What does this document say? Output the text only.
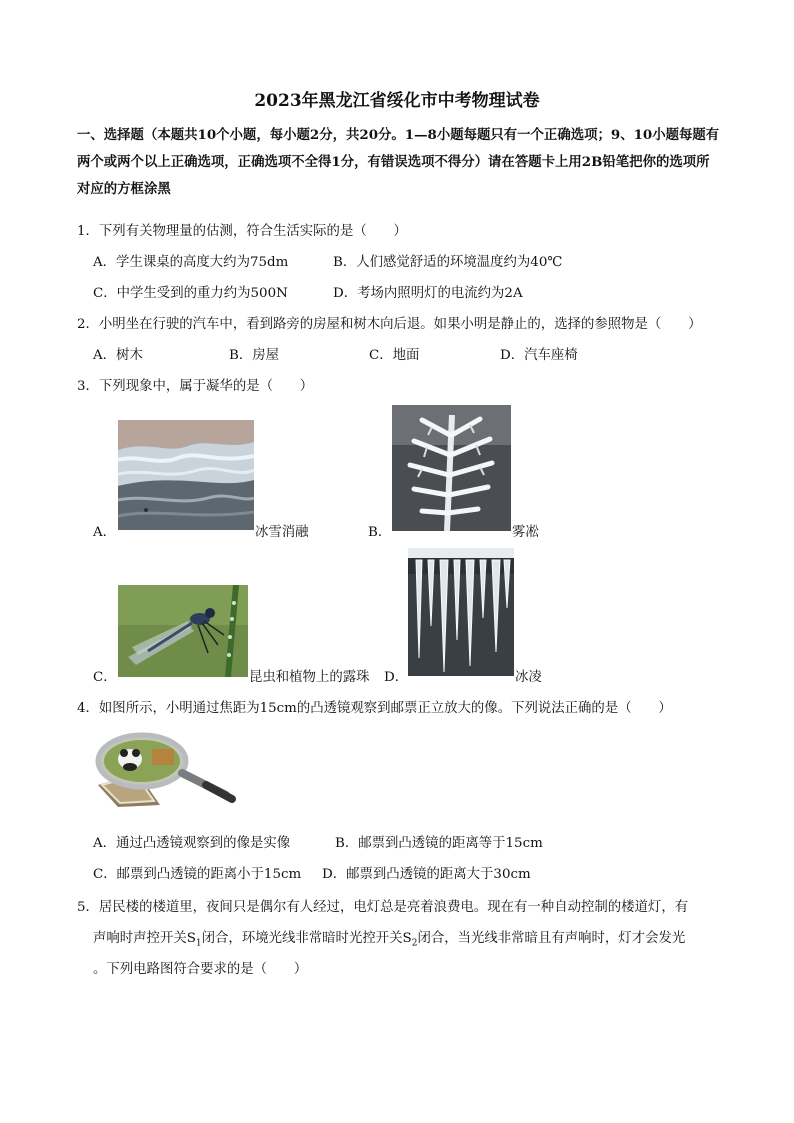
2023年黑龙江省绥化市中考物理试卷
一、选择题（本题共10个小题，每小题2分，共20分。1—8小题每题只有一个正确选项；9、10小题每题有两个或两个以上正确选项，正确选项不全得1分，有错误选项不得分）请在答题卡上用2B铅笔把你的选项所对应的方框涂黑
1．下列有关物理量的估测，符合生活实际的是（　　）
A．学生课桌的高度大约为75dm	B．人们感觉舒适的环境温度约为40℃
C．中学生受到的重力约为500N	D．考场内照明灯的电流约为2A
2．小明坐在行驶的汽车中，看到路旁的房屋和树木向后退。如果小明是静止的，选择的参照物是（　　）
A．树木	B．房屋	C．地面	D．汽车座椅
3．下列现象中，属于凝华的是（　　）
A．	冰雪消融	B．	雾凇
C．	昆虫和植物上的露珠 D．	冰凌
4．如图所示，小明通过焦距为15cm的凸透镜观察到邮票正立放大的像。下列说法正确的是（　　）
A．通过凸透镜观察到的像是实像	B．邮票到凸透镜的距离等于15cm
C．邮票到凸透镜的距离小于15cm D．邮票到凸透镜的距离大于30cm
5．居民楼的楼道里，夜间只是偶尔有人经过，电灯总是亮着浪费电。现在有一种自动控制的楼道灯，有
声响时声控开关$S_1$闭合，环境光线非常暗时光控开关$S_2$闭合，当光线非常暗且有声响时，灯才会发光
。下列电路图符合要求的是（　　）
